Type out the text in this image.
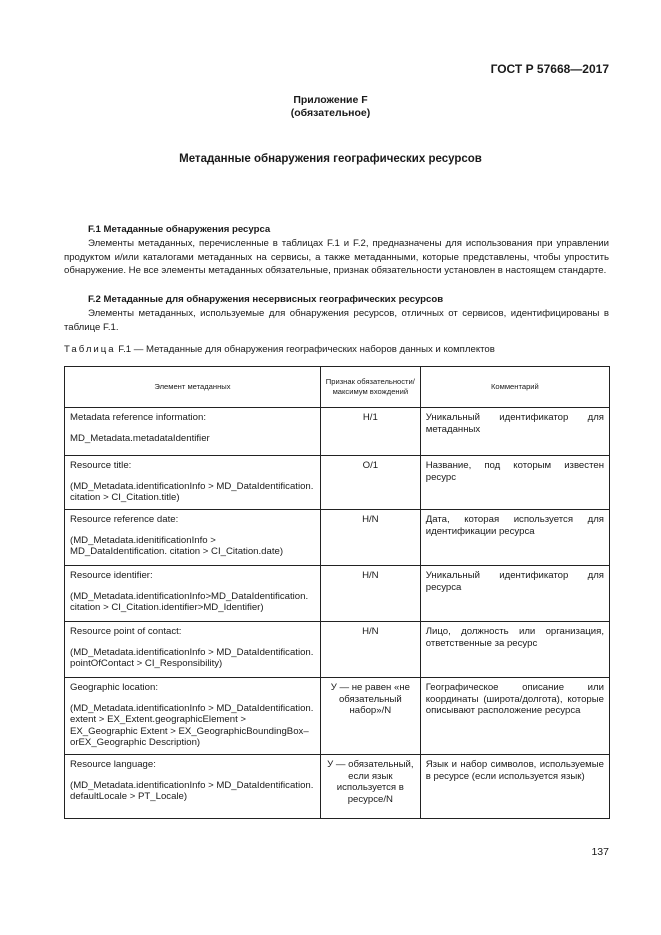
ГОСТ Р 57668—2017
Приложение F
(обязательное)
Метаданные обнаружения географических ресурсов
F.1 Метаданные обнаружения ресурса
Элементы метаданных, перечисленные в таблицах F.1 и F.2, предназначены для использования при управлении продуктом и/или каталогами метаданных на сервисы, а также метаданными, которые представлены, чтобы упростить обнаружение. Не все элементы метаданных обязательные, признак обязательности установлен в настоящем стандарте.
F.2 Метаданные для обнаружения несервисных географических ресурсов
Элементы метаданных, используемые для обнаружения ресурсов, отличных от сервисов, идентифицированы в таблице F.1.
Таблица F.1 — Метаданные для обнаружения географических наборов данных и комплектов
Элемент метаданных	Признак обязательности/максимум вхождений	Комментарий

Metadata reference information:
MD_Metadata.metadataIdentifier	Н/1	Уникальный идентификатор для метаданных

Resource title:
(MD_Metadata.identificationInfo > MD_DataIdentification. citation > CI_Citation.title)	О/1	Название, под которым известен ресурс

Resource reference date:
(MD_Metadata.idenitificationInfo > MD_DataIdentification. citation > CI_Citation.date)	Н/N	Дата, которая используется для идентификации ресурса

Resource identifier:
(MD_Metadata.identificationInfo>MD_DataIdentification. citation > CI_Citation.identifier>MD_Identifier)	Н/N	Уникальный идентификатор для ресурса

Resource point of contact:
(MD_Metadata.identificationInfo > MD_DataIdentification. pointOfContact > CI_Responsibility)	Н/N	Лицо, должность или организация, ответственные за ресурс

Geographic location:
(MD_Metadata.identificationInfo > MD_DataIdentification. extent > EX_Extent.geographicElement > EX_Geographic Extent > EX_GeographicBoundingBox–orEX_Geographic Description)	У — не равен «не обязательный набор»/N	Географическое описание или координаты (широта/долгота), которые описывают расположение ресурса

Resource language:
(MD_Metadata.identificationInfo > MD_DataIdentification. defaultLocale > PT_Locale)	У — обязательный, если язык используется в ресурсе/N	Язык и набор символов, используемые в ресурсе (если используется язык)
137
